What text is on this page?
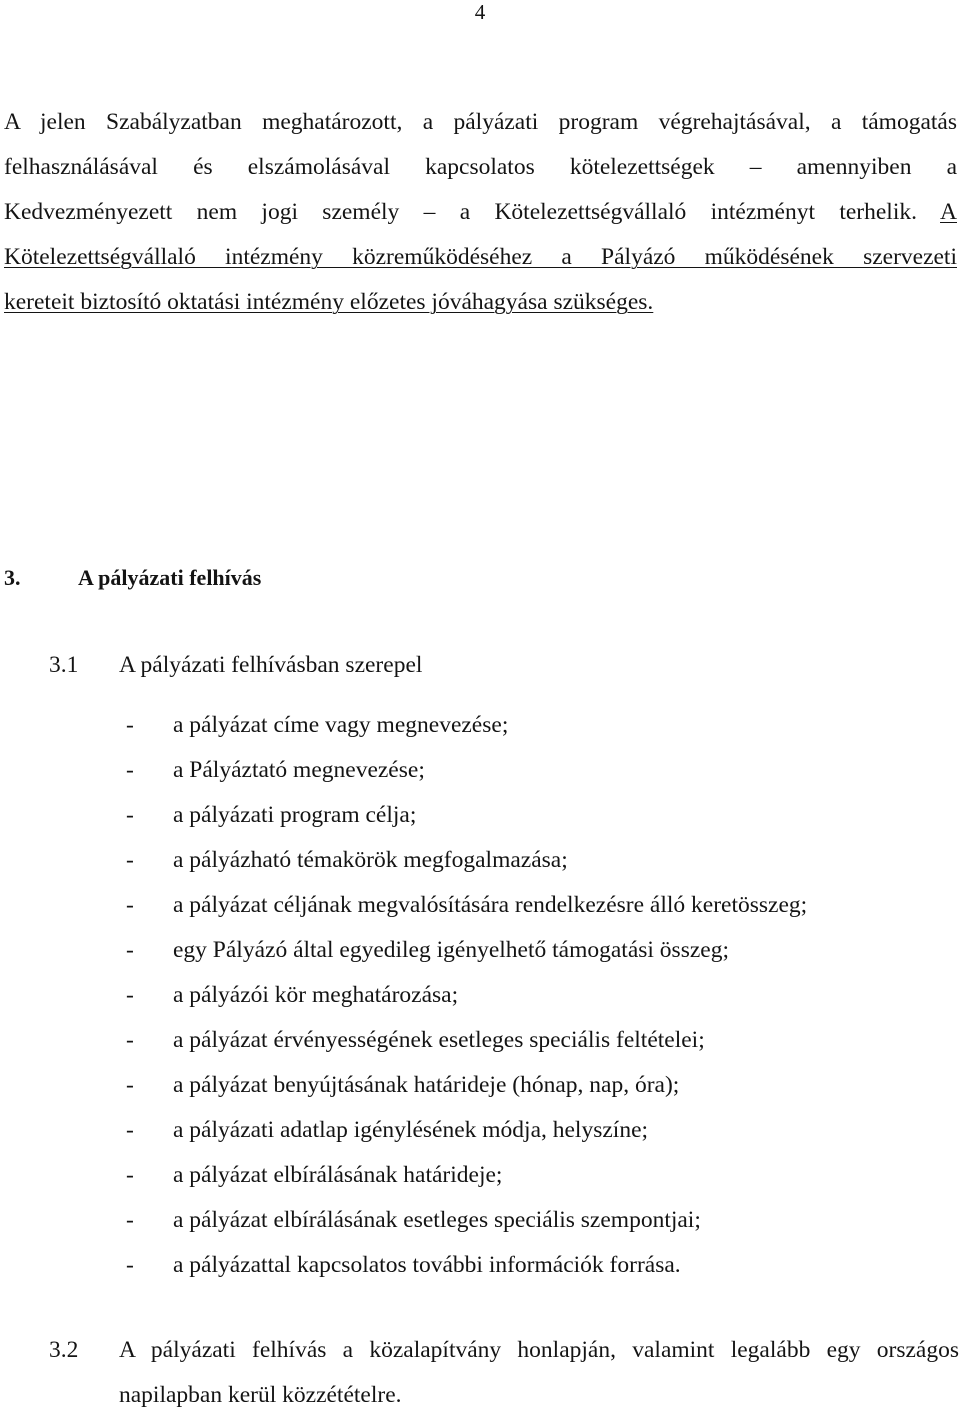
4

A jelen Szabályzatban meghatározott, a pályázati program végrehajtásával, a támogatás
felhasználásával és elszámolásával kapcsolatos kötelezettségek – amennyiben a
Kedvezményezett nem jogi személy – a Kötelezettségvállaló intézményt terhelik. A
Kötelezettségvállaló intézmény közreműködéséhez a Pályázó működésének szervezeti
kereteit biztosító oktatási intézmény előzetes jóváhagyása szükséges.

3.	A pályázati felhívás
3.1 A pályázati felhívásban szerepel
- a pályázat címe vagy megnevezése;
- a Pályáztató megnevezése;
- a pályázati program célja;
- a pályázható témakörök megfogalmazása;
- a pályázat céljának megvalósítására rendelkezésre álló keretösszeg;
- egy Pályázó által egyedileg igényelhető támogatási összeg;
- a pályázói kör meghatározása;
- a pályázat érvényességének esetleges speciális feltételei;
- a pályázat benyújtásának határideje (hónap, nap, óra);
- a pályázati adatlap igénylésének módja, helyszíne;
- a pályázat elbírálásának határideje;
- a pályázat elbírálásának esetleges speciális szempontjai;
- a pályázattal kapcsolatos további információk forrása.
3.2 A pályázati felhívás a közalapítvány honlapján, valamint legalább egy országos
napilapban kerül közzétételre.
